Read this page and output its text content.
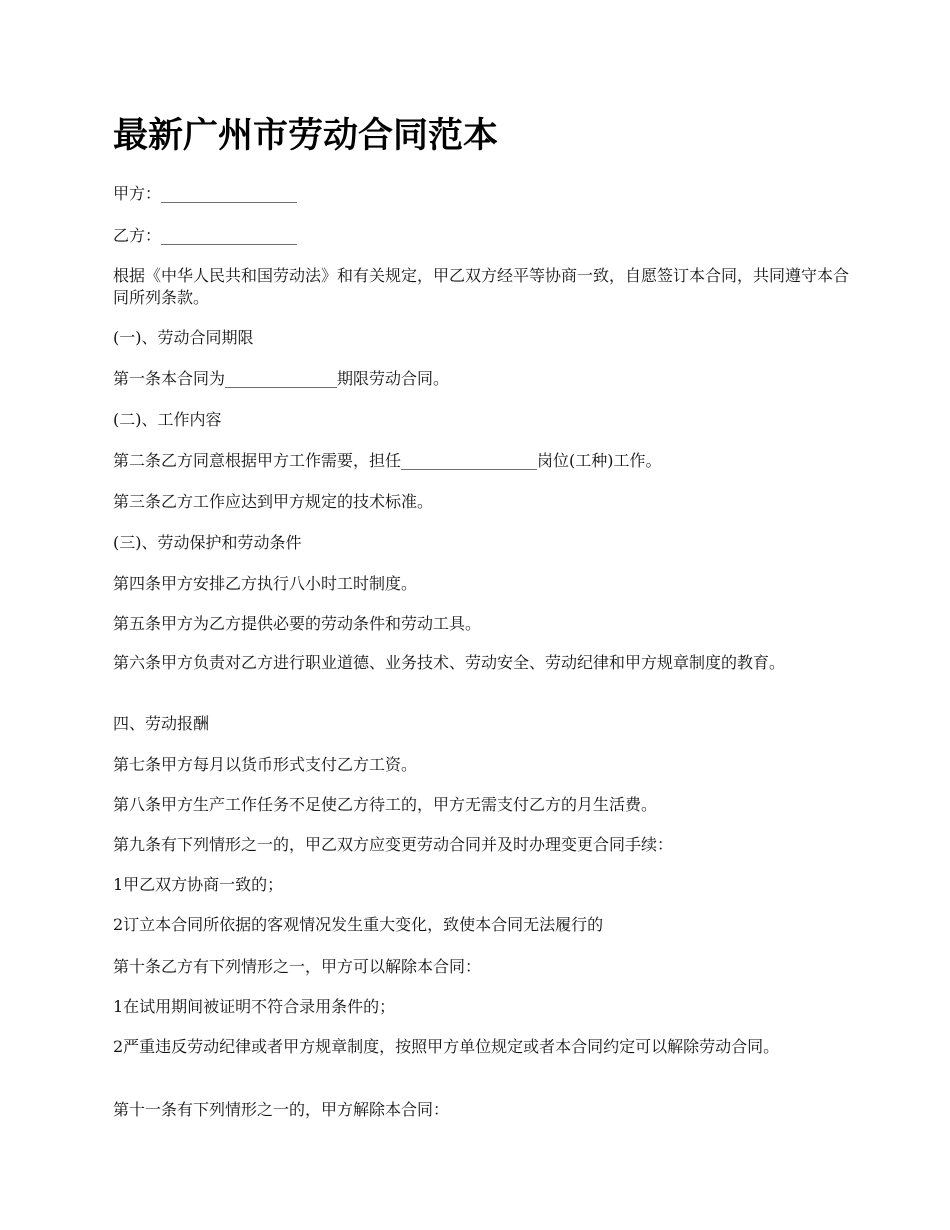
最新广州市劳动合同范本

甲方：_________________

乙方：_________________

根据《中华人民共和国劳动法》和有关规定，甲乙双方经平等协商一致，自愿签订本合同，共同遵守本合同所列条款。

(一)、劳动合同期限

第一条本合同为______________期限劳动合同。

(二)、工作内容

第二条乙方同意根据甲方工作需要，担任_________________岗位(工种)工作。

第三条乙方工作应达到甲方规定的技术标准。

(三)、劳动保护和劳动条件

第四条甲方安排乙方执行八小时工时制度。

第五条甲方为乙方提供必要的劳动条件和劳动工具。

第六条甲方负责对乙方进行职业道德、业务技术、劳动安全、劳动纪律和甲方规章制度的教育。

四、劳动报酬

第七条甲方每月以货币形式支付乙方工资。

第八条甲方生产工作任务不足使乙方待工的，甲方无需支付乙方的月生活费。

第九条有下列情形之一的，甲乙双方应变更劳动合同并及时办理变更合同手续：

1甲乙双方协商一致的；

2订立本合同所依据的客观情况发生重大变化，致使本合同无法履行的

第十条乙方有下列情形之一，甲方可以解除本合同：

1在试用期间被证明不符合录用条件的；

2严重违反劳动纪律或者甲方规章制度，按照甲方单位规定或者本合同约定可以解除劳动合同。

第十一条有下列情形之一的，甲方解除本合同：
